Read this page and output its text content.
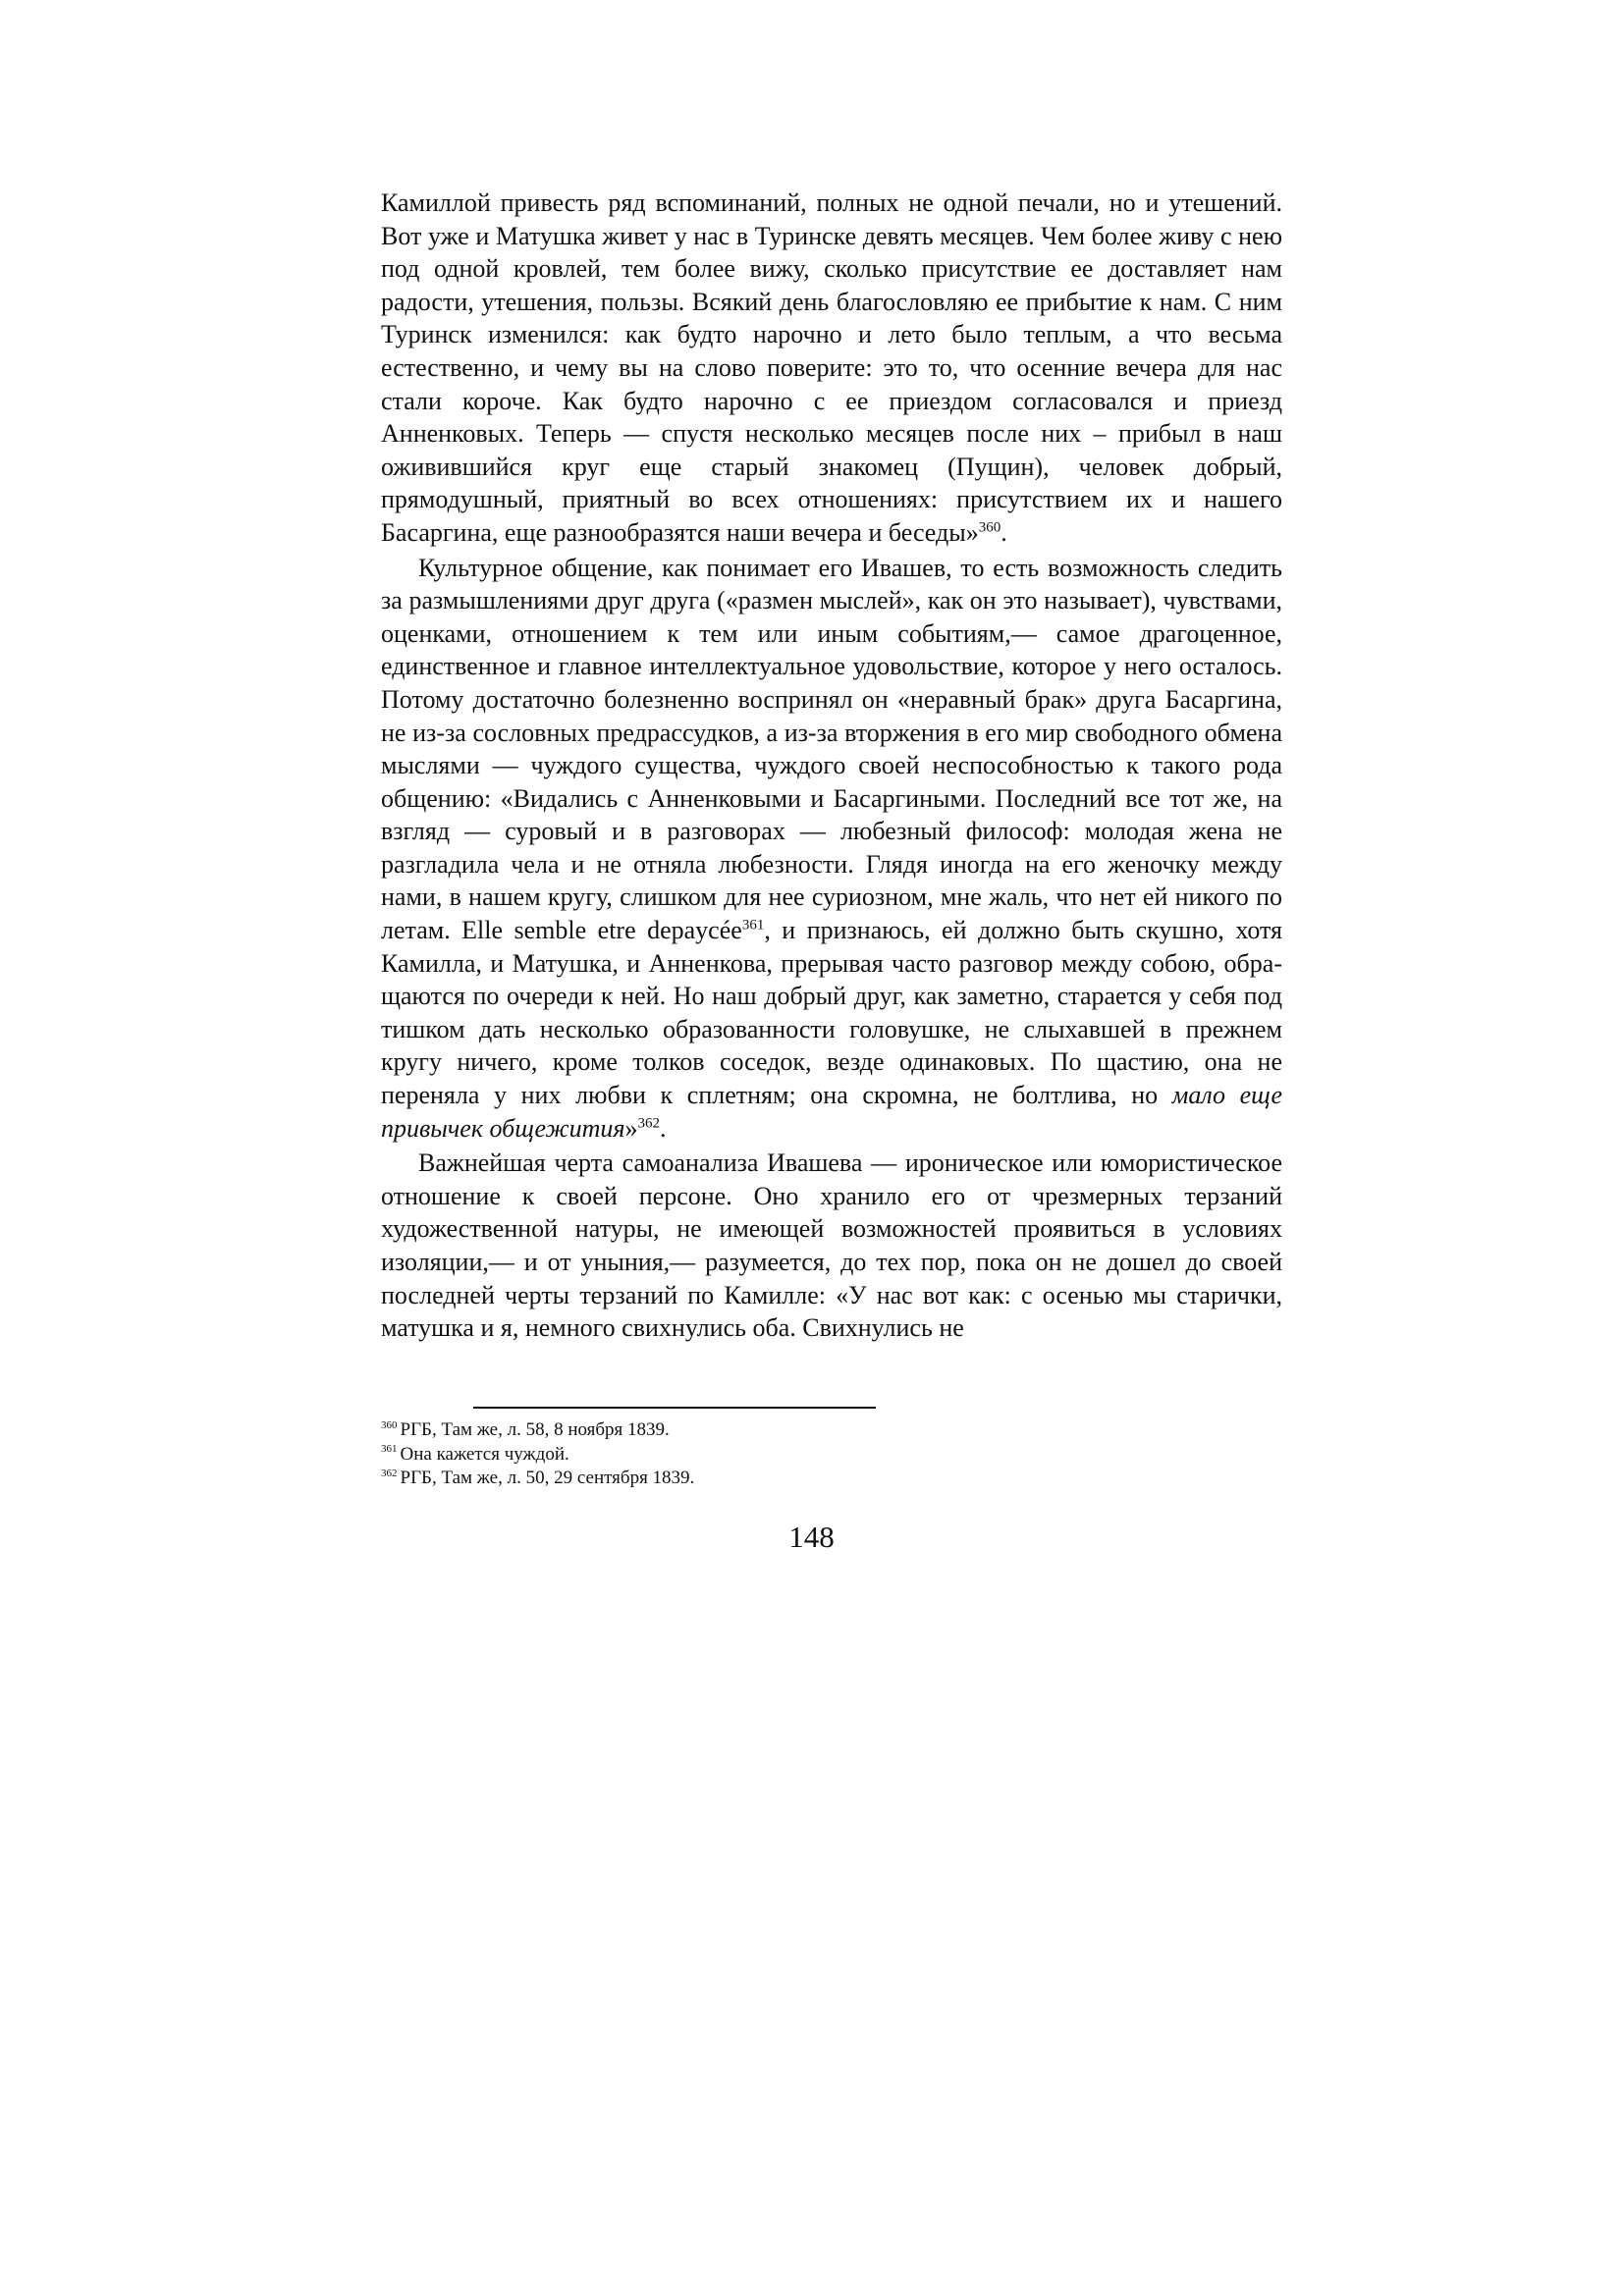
Камиллой привесть ряд вспоминаний, полных не одной печали, но и утешений. Вот уже и Матушка живет у нас в Туринске девять месяцев. Чем более живу с нею под одной кровлей, тем более вижу, сколько присутствие ее доставляет нам радости, утешения, пользы. Всякий день благословляю ее прибытие к нам. С ним Туринск изменился: как будто нарочно и лето было теплым, а что весьма естественно, и чему вы на слово поверите: это то, что осенние вечера для нас стали короче. Как будто нарочно с ее приездом согласовался и приезд Анненковых. Теперь — спустя несколько месяцев после них – прибыл в наш оживившийся круг еще старый знакомец (Пущин), человек добрый, прямодушный, приятный во всех отношениях: присутствием их и нашего Басаргина, еще разнообразятся наши вечера и беседы»$^{360}$.

Культурное общение, как понимает его Ивашев, то есть возможность следить за размышлениями друг друга («размен мыслей», как он это называет), чувствами, оценками, отношением к тем или иным событиям,— самое драгоценное, единственное и главное интеллектуальное удовольствие, которое у него осталось. Потому достаточно болезненно воспринял он «неравный брак» друга Басаргина, не из-за сословных предрассудков, а из-за вторжения в его мир свободного обмена мыслями — чуждого существа, чуждого своей неспособностью к такого рода общению: «Видались с Анненковыми и Басаргиными. Последний все тот же, на взгляд — суровый и в разговорах — любезный философ: молодая жена не разгладила чела и не отняла любезности. Глядя иногда на его женочку между нами, в нашем кругу, слишком для нее суриозном, мне жаль, что нет ей никого по летам. Elle semble etre depaycée$^{361}$, и признаюсь, ей должно быть скушно, хотя Камилла, и Матушка, и Анненкова, прерывая часто разговор между собою, обращаются по очереди к ней. Но наш добрый друг, как заметно, старается у себя под тишком дать несколько образованности головушке, не слыхавшей в прежнем кругу ничего, кроме толков соседок, везде одинаковых. По щастию, она не переняла у них любви к сплетням; она скромна, не болтлива, но мало еще привычек общежития»$^{362}$.

Важнейшая черта самоанализа Ивашева — ироническое или юмористическое отношение к своей персоне. Оно хранило его от чрезмерных терзаний художественной натуры, не имеющей возможностей проявиться в условиях изоляции,— и от уныния,— разумеется, до тех пор, пока он не дошел до своей последней черты терзаний по Камилле: «У нас вот как: с осенью мы старички, матушка и я, немного свихнулись оба. Свихнулись не

$^{360}$ РГБ, Там же, л. 58, 8 ноября 1839.

$^{361}$ Она кажется чуждой.

$^{362}$ РГБ, Там же, л. 50, 29 сентября 1839.

148
